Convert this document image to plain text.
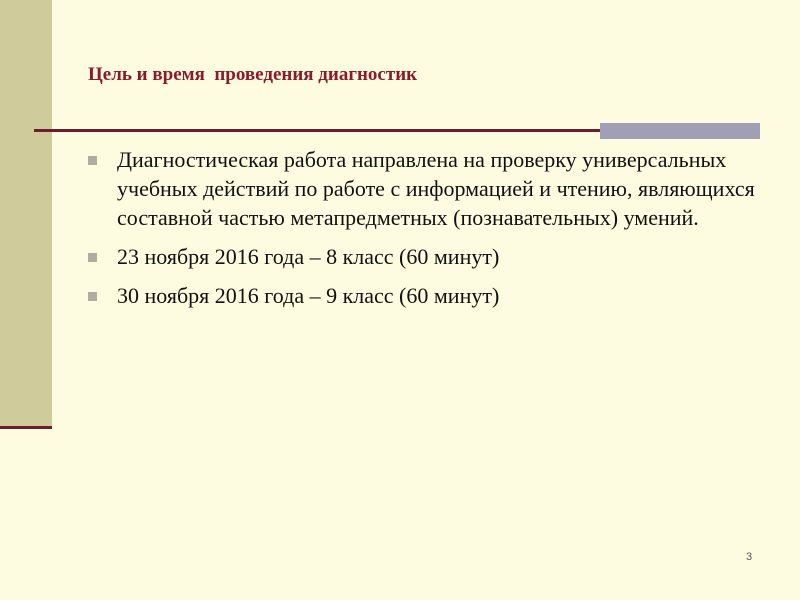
Цель и время  проведения диагностик
Диагностическая работа направлена на проверку универсальных учебных действий по работе с информацией и чтению, являющихся составной частью метапредметных (познавательных) умений.
23 ноября 2016 года – 8 класс (60 минут)
30 ноября 2016 года – 9 класс (60 минут)
3
